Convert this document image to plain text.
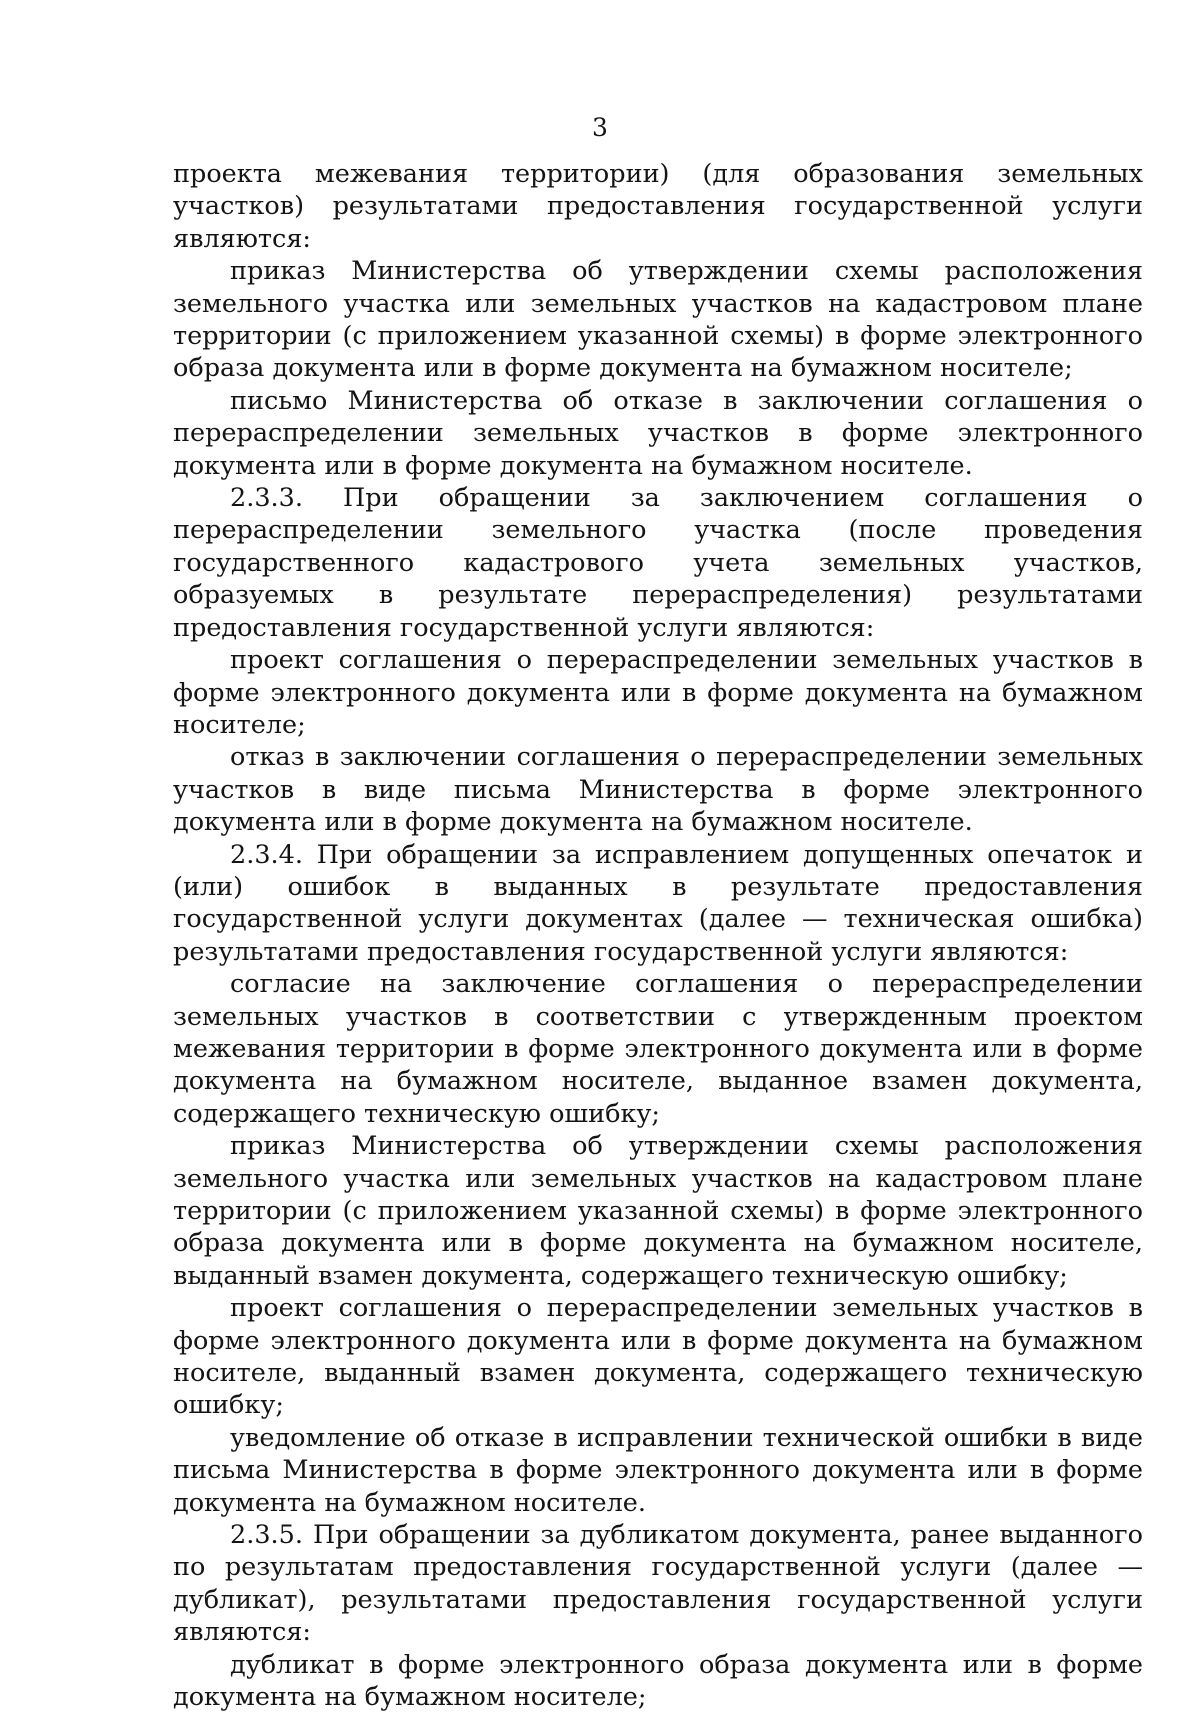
3

проекта межевания территории) (для образования земельных участков) результатами предоставления государственной услуги являются:

приказ Министерства об утверждении схемы расположения земельного участка или земельных участков на кадастровом плане территории (с приложением указанной схемы) в форме электронного образа документа или в форме документа на бумажном носителе;

письмо Министерства об отказе в заключении соглашения о перераспределении земельных участков в форме электронного документа или в форме документа на бумажном носителе.

2.3.3. При обращении за заключением соглашения о перераспределении земельного участка (после проведения государственного кадастрового учета земельных участков, образуемых в результате перераспределения) результатами предоставления государственной услуги являются:

проект соглашения о перераспределении земельных участков в форме электронного документа или в форме документа на бумажном носителе;

отказ в заключении соглашения о перераспределении земельных участков в виде письма Министерства в форме электронного документа или в форме документа на бумажном носителе.

2.3.4. При обращении за исправлением допущенных опечаток и (или) ошибок в выданных в результате предоставления государственной услуги документах (далее — техническая ошибка) результатами предоставления государственной услуги являются:

согласие на заключение соглашения о перераспределении земельных участков в соответствии с утвержденным проектом межевания территории в форме электронного документа или в форме документа на бумажном носителе, выданное взамен документа, содержащего техническую ошибку;

приказ Министерства об утверждении схемы расположения земельного участка или земельных участков на кадастровом плане территории (с приложением указанной схемы) в форме электронного образа документа или в форме документа на бумажном носителе, выданный взамен документа, содержащего техническую ошибку;

проект соглашения о перераспределении земельных участков в форме электронного документа или в форме документа на бумажном носителе, выданный взамен документа, содержащего техническую ошибку;

уведомление об отказе в исправлении технической ошибки в виде письма Министерства в форме электронного документа или в форме документа на бумажном носителе.

2.3.5. При обращении за дубликатом документа, ранее выданного по результатам предоставления государственной услуги (далее — дубликат), результатами предоставления государственной услуги являются:

дубликат в форме электронного образа документа или в форме документа на бумажном носителе;
